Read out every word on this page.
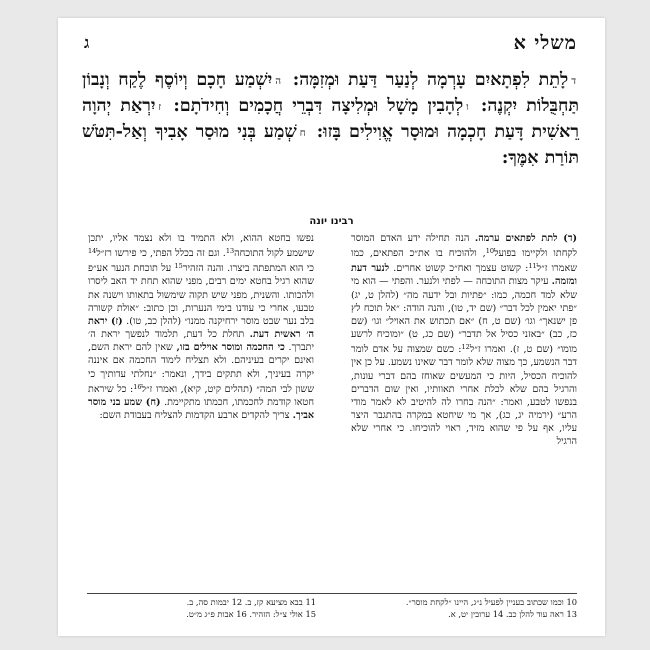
משלי א
ג
דלָתֵת לִפְתָאיִם עָרְמָה לְנַעַר דַּעַת וּמְזִמָּה: היִשְׁמַע חָכָם וְיוֹסֶף לֶקַח וְנָבוֹן תַּחְבֻּלוֹת יִקְנֶה: ולְהָבִין מָשָׁל וּמְלִיצָה דִּבְרֵי חֲכָמִים וְחִידֹתָם: זיִרְאַת יְהוָה רֵאשִׁית דָּעַת חָכְמָה וּמוּסָר אֱוִילִים בָּזוּ: חשְׁמַע בְּנִי מוּסַר אָבִיךָ וְאַל-תִּטֹּשׁ תּוֹרַת אִמֶּךָ:
רבינו יונה
(ד) לתת לפתאים ערמה. הנה תחילה ידע האדם המוסר לקחתו ולקיימו בפועל$^{10}$, ולהוכיח בו את״כ הפתאים, כמו שאמרו ז״ל$^{11}$: קשוט עצמך ואח״כ קשוט אחרים. לנער דעת ומזמה. עיקר מצות התוכחה — לפתי ולנער. והפתי — הוא מי שלא למד חכמה, כמו: ״פתיות ובל ידעה מה״ (להלן ט, יג) ״פתי יאמין לכל דבר״ (שם יד, טו), והנה הודה: ״אל תוכח לץ פן ישנאך״ וגו׳ (שם ט, ח) ״אם תכתוש את האויל״ וגו׳ (שם כז, כב) ״באזני כסיל אל תדבר״ (שם כג, ט) ״ומוכיח לרשע מומו״ (שם ט, ז). ואמרו ז״ל$^{12}$: כשם שמצוה על אדם לומר דבר הנשמע, כך מצוה שלא לומר דבר שאינו נשמע. על כן אין להוכיח הכסיל, היות כי המעשים שאוחז בהם דברי עונות, והרגיל בהם שלא לכלת אחרי תאוותיו, ואין שום הדברים בנפשו לטבע, ואמר: ״הנה בחרו לה להיטיב לא לאמר מודי הרע״ (ירמיה יג, כג), אך מי שיחטא במקרה בהתגבר היצר עליו, אף על פי שהוא מזיד, ראוי להוכיחו. כי אחרי שלא הרגיל
נפשו בחטא ההוא, ולא התמיד בו ולא נצמד אליו, יתכן שישמע לקול התוכחה$^{13}$. וגם זה בכלל הפתי, כי פירשו רז״ל$^{14}$ כי הוא המתפתה ביצרו. והנה הזהיר$^{15}$ על תוכחת הנער אע״פ שהוא רגיל בחטא ימים רבים, מפני שהוא תחת יד האב ליסרו ולהכותו. והשנית, מפני שיש תקוה שימשול בתאותו וישנה את טבעו, אחרי כי עודנו בימי הנערות, וכן כתוב: ״אולת קשורה בלב נער שבט מוסר ירחיקנה ממנו״ (להלן כב, טו). (ז) יראת ה׳ ראשית דעת. תחלת כל דעת, תלמוד לנפשך יראת ה׳ יתברך. כי החכמה ומוסר אוילים בזו, שאין להם יראת השם, ואינם יקרים בעיניהם. ולא תצליח לימוד החכמה אם איננה יקרה בעיניך, ולא תתקים בידך, ונאמר: ״נחלתי עדותיך כי ששון לבי המה״ (תהלים קיט, קיא), ואמרו ז״ל$^{16}$: כל שיראת חטאו קודמת לחכמתו, חכמתו מתקיימת. (ח) שמע בני מוסר אביך. צריך להקדים ארבע הקדמות להצליח בעבודת השם:
10 וכמו שכתוב בעניין לפעיל נ״ג, היינו ״לקחת מוסר״.
13 ראה עוד להלן כב. 14 ערובין יט, א.
11 בבא מציעא קז, ב. 12 יבמות סה, ב.
15 אולי צ״ל: הזהיר. 16 אבות פ״ג מ״ט.
